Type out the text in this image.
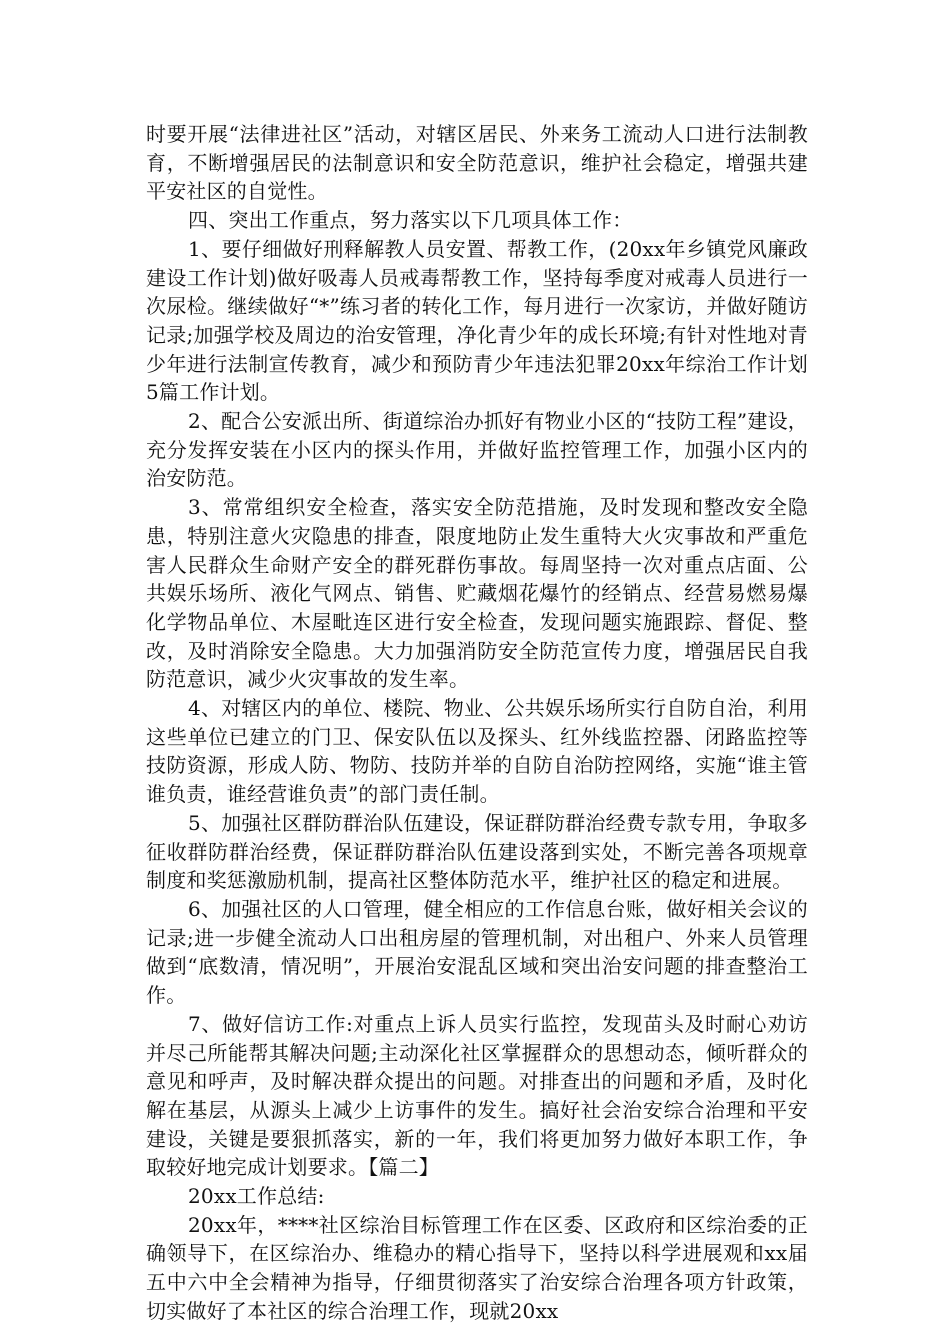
时要开展“法律进社区”活动，对辖区居民、外来务工流动人口进行法制教育，不断增强居民的法制意识和安全防范意识，维护社会稳定，增强共建平安社区的自觉性。

四、突出工作重点，努力落实以下几项具体工作：

1、要仔细做好刑释解教人员安置、帮教工作，(20xx年乡镇党风廉政建设工作计划)做好吸毒人员戒毒帮教工作，坚持每季度对戒毒人员进行一次尿检。继续做好“*”练习者的转化工作，每月进行一次家访，并做好随访记录;加强学校及周边的治安管理，净化青少年的成长环境;有针对性地对青少年进行法制宣传教育，减少和预防青少年违法犯罪20xx年综治工作计划5篇工作计划。

2、配合公安派出所、街道综治办抓好有物业小区的“技防工程”建设，充分发挥安装在小区内的探头作用，并做好监控管理工作，加强小区内的治安防范。

3、常常组织安全检查，落实安全防范措施，及时发现和整改安全隐患，特别注意火灾隐患的排查，限度地防止发生重特大火灾事故和严重危害人民群众生命财产安全的群死群伤事故。每周坚持一次对重点店面、公共娱乐场所、液化气网点、销售、贮藏烟花爆竹的经销点、经营易燃易爆化学物品单位、木屋毗连区进行安全检查，发现问题实施跟踪、督促、整改，及时消除安全隐患。大力加强消防安全防范宣传力度，增强居民自我防范意识，减少火灾事故的发生率。

4、对辖区内的单位、楼院、物业、公共娱乐场所实行自防自治，利用这些单位已建立的门卫、保安队伍以及探头、红外线监控器、闭路监控等技防资源，形成人防、物防、技防并举的自防自治防控网络，实施“谁主管谁负责，谁经营谁负责”的部门责任制。

5、加强社区群防群治队伍建设，保证群防群治经费专款专用，争取多征收群防群治经费，保证群防群治队伍建设落到实处，不断完善各项规章制度和奖惩激励机制，提高社区整体防范水平，维护社区的稳定和进展。

6、加强社区的人口管理，健全相应的工作信息台账，做好相关会议的记录;进一步健全流动人口出租房屋的管理机制，对出租户、外来人员管理做到“底数清，情况明”，开展治安混乱区域和突出治安问题的排查整治工作。

7、做好信访工作:对重点上诉人员实行监控，发现苗头及时耐心劝访并尽己所能帮其解决问题;主动深化社区掌握群众的思想动态，倾听群众的意见和呼声，及时解决群众提出的问题。对排查出的问题和矛盾，及时化解在基层，从源头上减少上访事件的发生。搞好社会治安综合治理和平安建设，关键是要狠抓落实，新的一年，我们将更加努力做好本职工作，争取较好地完成计划要求。【篇二】

20xx工作总结:

20xx年，****社区综治目标管理工作在区委、区政府和区综治委的正确领导下，在区综治办、维稳办的精心指导下，坚持以科学进展观和xx届五中六中全会精神为指导，仔细贯彻落实了治安综合治理各项方针政策，切实做好了本社区的综合治理工作，现就20xx
